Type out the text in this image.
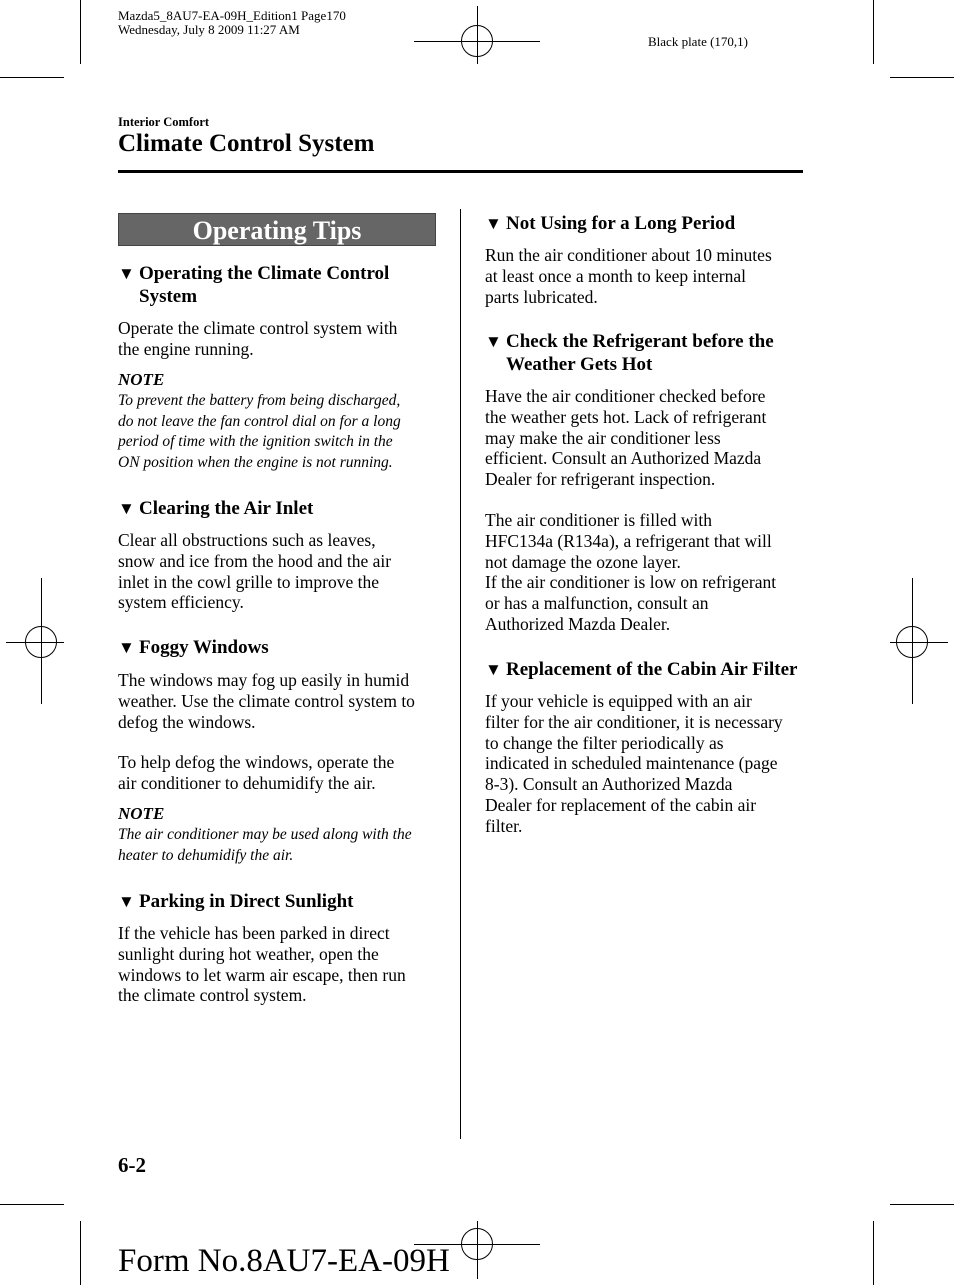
Mazda5_8AU7-EA-09H_Edition1 Page170
Wednesday, July 8 2009 11:27 AM
Black plate (170,1)
Interior Comfort
Climate Control System
Operating Tips
▼ Operating the Climate Control
System
Operate the climate control system with
the engine running.
NOTE
To prevent the battery from being discharged,
do not leave the fan control dial on for a long
period of time with the ignition switch in the
ON position when the engine is not running.
▼ Clearing the Air Inlet
Clear all obstructions such as leaves,
snow and ice from the hood and the air
inlet in the cowl grille to improve the
system efficiency.
▼ Foggy Windows
The windows may fog up easily in humid
weather. Use the climate control system to
defog the windows.
To help defog the windows, operate the
air conditioner to dehumidify the air.
NOTE
The air conditioner may be used along with the
heater to dehumidify the air.
▼ Parking in Direct Sunlight
If the vehicle has been parked in direct
sunlight during hot weather, open the
windows to let warm air escape, then run
the climate control system.
▼ Not Using for a Long Period
Run the air conditioner about 10 minutes
at least once a month to keep internal
parts lubricated.
▼ Check the Refrigerant before the
Weather Gets Hot
Have the air conditioner checked before
the weather gets hot. Lack of refrigerant
may make the air conditioner less
efficient. Consult an Authorized Mazda
Dealer for refrigerant inspection.
The air conditioner is filled with
HFC134a (R134a), a refrigerant that will
not damage the ozone layer.
If the air conditioner is low on refrigerant
or has a malfunction, consult an
Authorized Mazda Dealer.
▼ Replacement of the Cabin Air Filter
If your vehicle is equipped with an air
filter for the air conditioner, it is necessary
to change the filter periodically as
indicated in scheduled maintenance (page
8-3). Consult an Authorized Mazda
Dealer for replacement of the cabin air
filter.
6-2
Form No.8AU7-EA-09H
